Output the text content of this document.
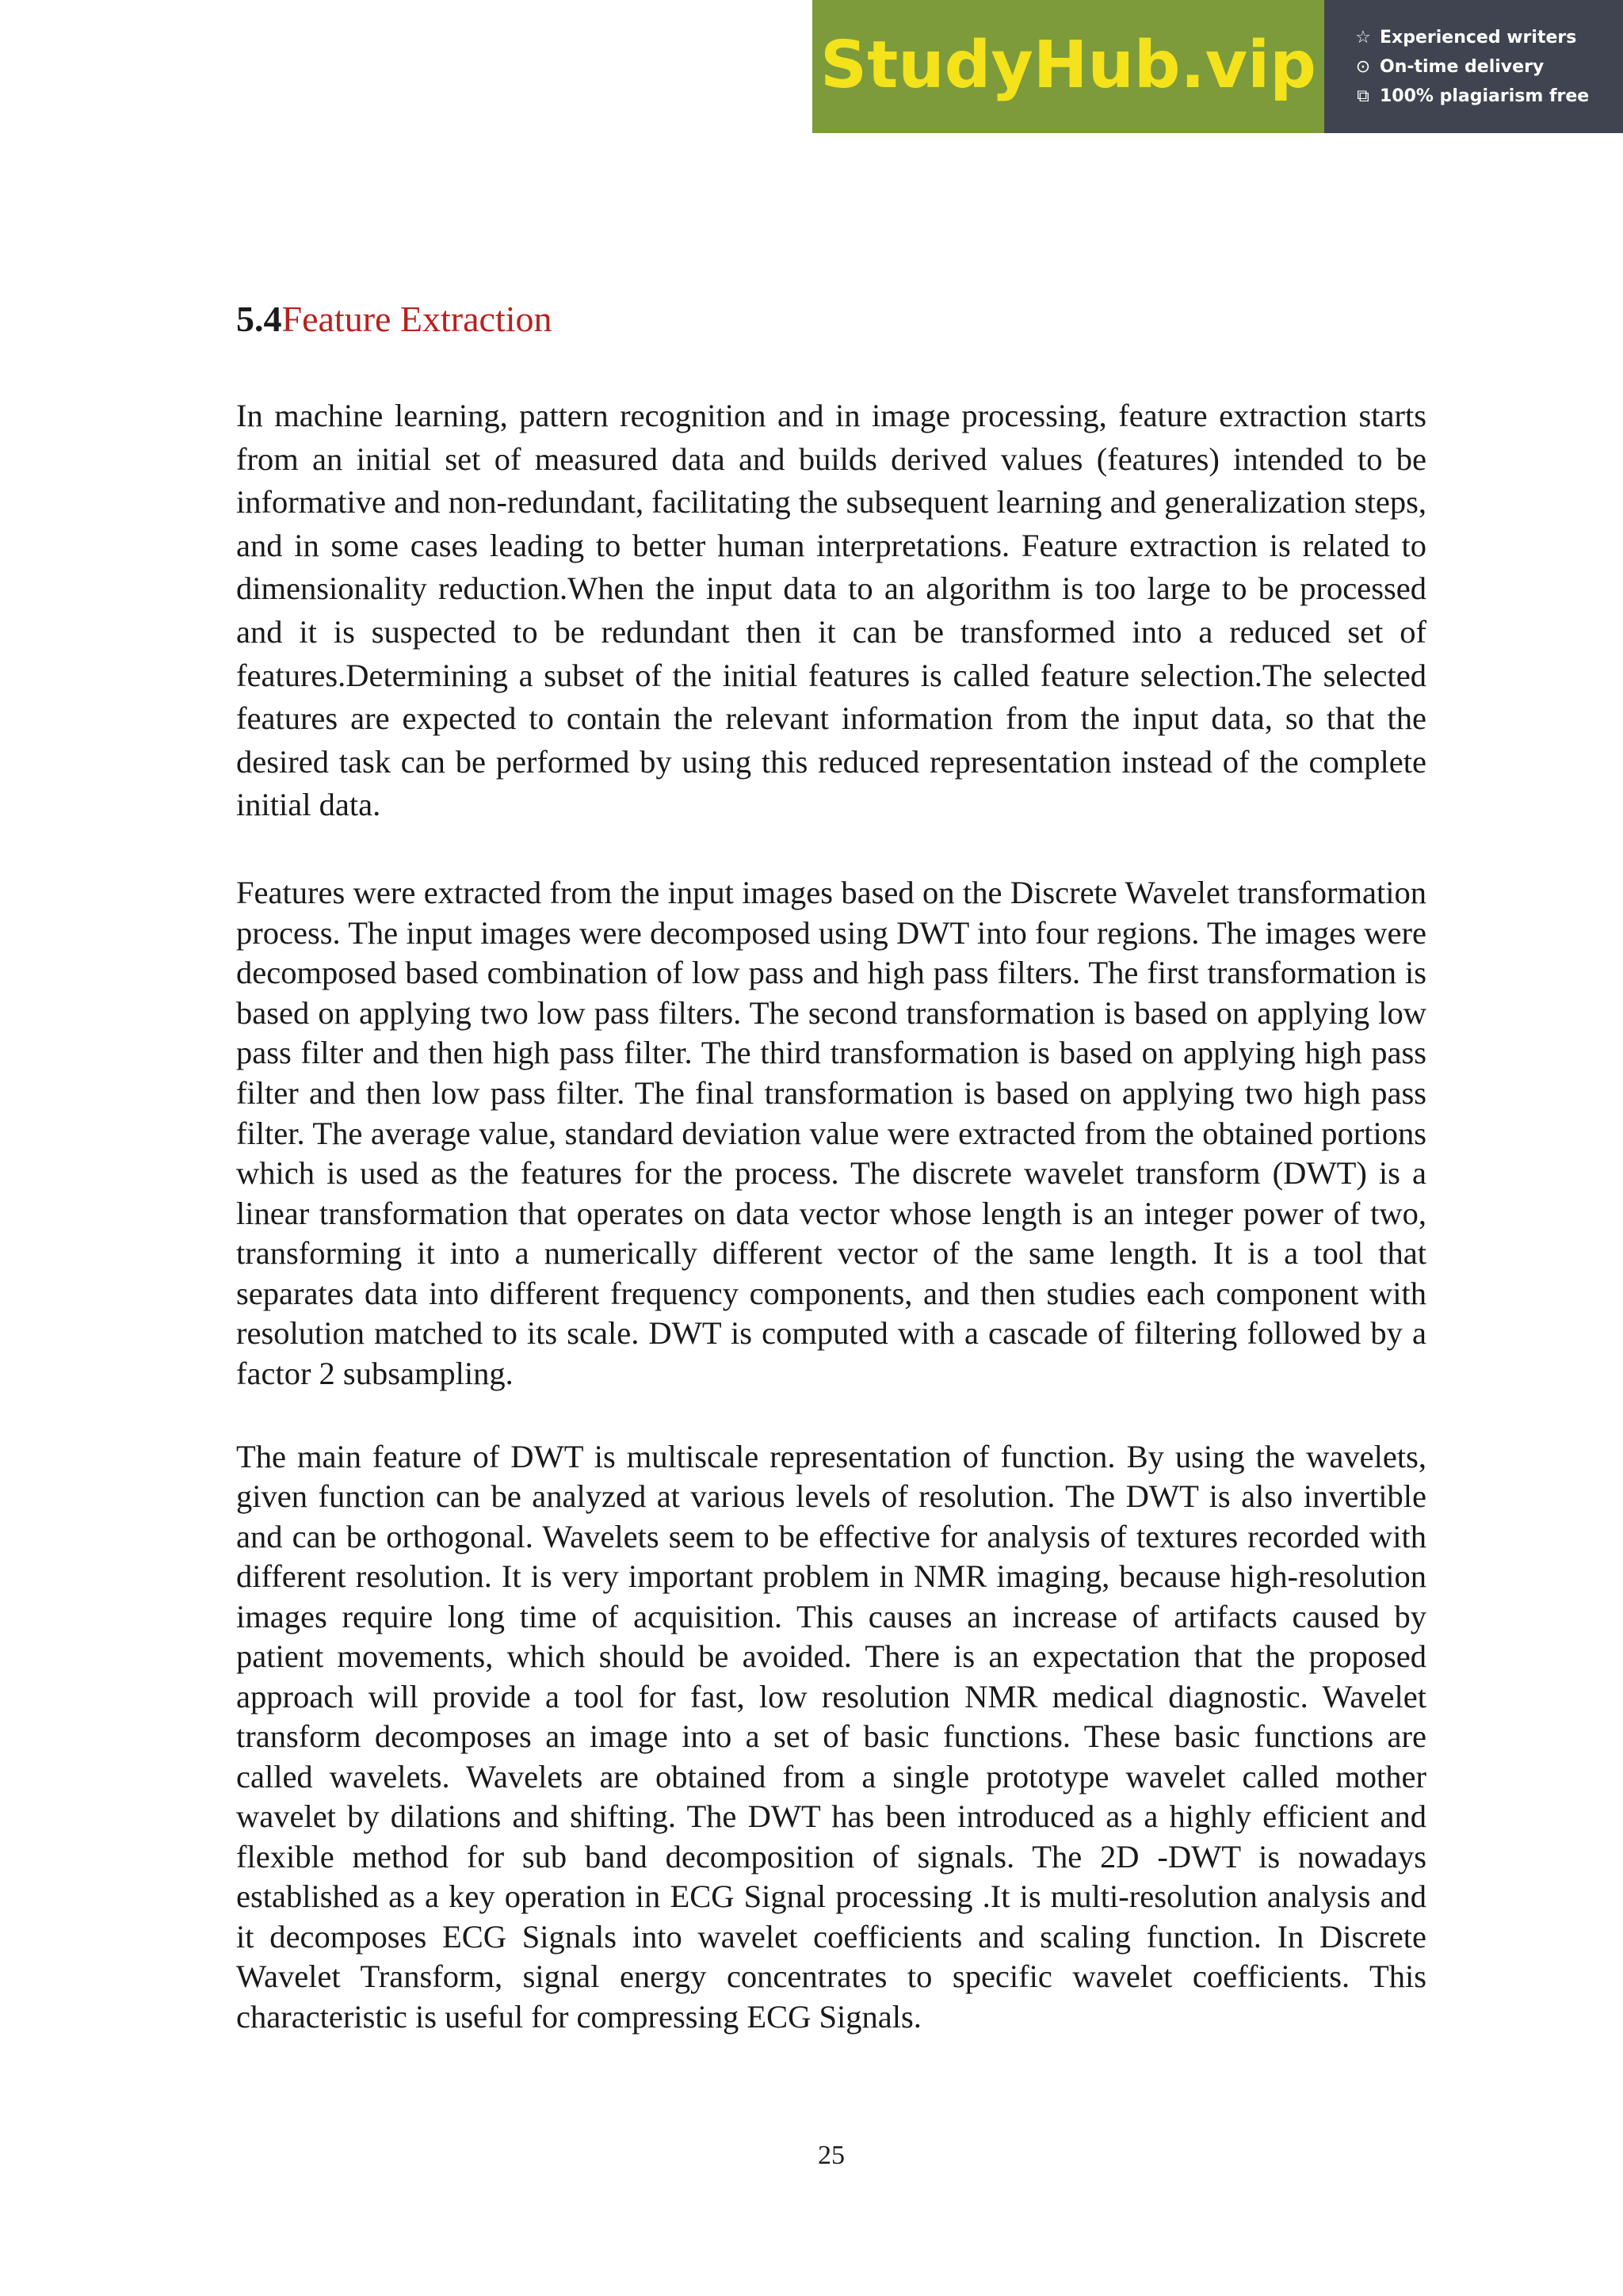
StudyHub.vip ☆ Experienced writers
⊙ On-time delivery
⧉ 100% plagiarism free
5.4Feature Extraction

In machine learning, pattern recognition and in image processing, feature extraction starts from an initial set of measured data and builds derived values (features) intended to be informative and non-redundant, facilitating the subsequent learning and generalization steps, and in some cases leading to better human interpretations. Feature extraction is related to dimensionality reduction.When the input data to an algorithm is too large to be processed and it is suspected to be redundant then it can be transformed into a reduced set of features.Determining a subset of the initial features is called feature selection.The selected features are expected to contain the relevant information from the input data, so that the desired task can be performed by using this reduced representation instead of the complete initial data.

Features were extracted from the input images based on the Discrete Wavelet transformation process. The input images were decomposed using DWT into four regions. The images were decomposed based combination of low pass and high pass filters. The first transformation is based on applying two low pass filters. The second transformation is based on applying low pass filter and then high pass filter. The third transformation is based on applying high pass filter and then low pass filter. The final transformation is based on applying two high pass filter. The average value, standard deviation value were extracted from the obtained portions which is used as the features for the process. The discrete wavelet transform (DWT) is a linear transformation that operates on data vector whose length is an integer power of two, transforming it into a numerically different vector of the same length. It is a tool that separates data into different frequency components, and then studies each component with resolution matched to its scale. DWT is computed with a cascade of filtering followed by a factor 2 subsampling.

The main feature of DWT is multiscale representation of function. By using the wavelets, given function can be analyzed at various levels of resolution. The DWT is also invertible and can be orthogonal. Wavelets seem to be effective for analysis of textures recorded with different resolution. It is very important problem in NMR imaging, because high-resolution images require long time of acquisition. This causes an increase of artifacts caused by patient movements, which should be avoided. There is an expectation that the proposed approach will provide a tool for fast, low resolution NMR medical diagnostic. Wavelet transform decomposes an image into a set of basic functions. These basic functions are called wavelets. Wavelets are obtained from a single prototype wavelet called mother wavelet by dilations and shifting. The DWT has been introduced as a highly efficient and flexible method for sub band decomposition of signals. The 2D -DWT is nowadays established as a key operation in ECG Signal processing .It is multi-resolution analysis and it decomposes ECG Signals into wavelet coefficients and scaling function. In Discrete Wavelet Transform, signal energy concentrates to specific wavelet coefficients. This characteristic is useful for compressing ECG Signals.

25
